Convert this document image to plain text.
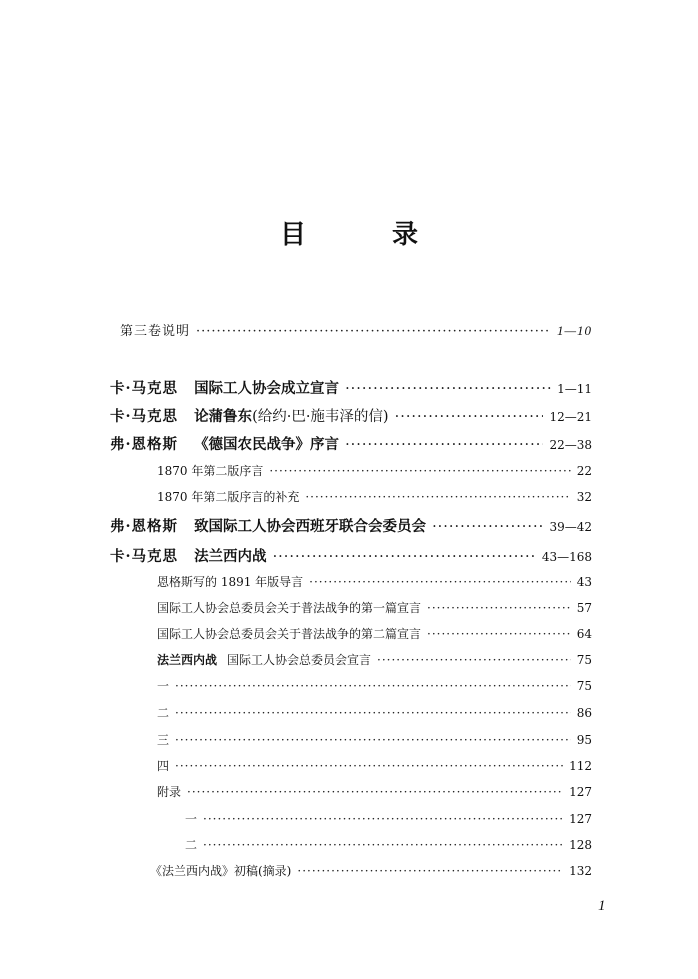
目　录
第三卷说明 ·····	1—10
卡·马克思 国际工人协会成立宣言 ·····	1—11
卡·马克思 论蒲鲁东(给约·巴·施韦泽的信) ·····	12—21
弗·恩格斯 《德国农民战争》序言 ·····	22—38
1870 年第二版序言 ·····	22
1870 年第二版序言的补充 ·····	32
弗·恩格斯 致国际工人协会西班牙联合会委员会 ·····	39—42
卡·马克思 法兰西内战 ·····	43—168
恩格斯写的 1891 年版导言 ·····	43
国际工人协会总委员会关于普法战争的第一篇宣言 ·····	57
国际工人协会总委员会关于普法战争的第二篇宣言 ·····	64
法兰西内战 国际工人协会总委员会宣言 ·····	75
一 ·····	75
二 ·····	86
三 ·····	95
四 ·····	112
附录 ·····	127
一 ·····	127
二 ·····	128
《法兰西内战》初稿(摘录) ·····	132
1
